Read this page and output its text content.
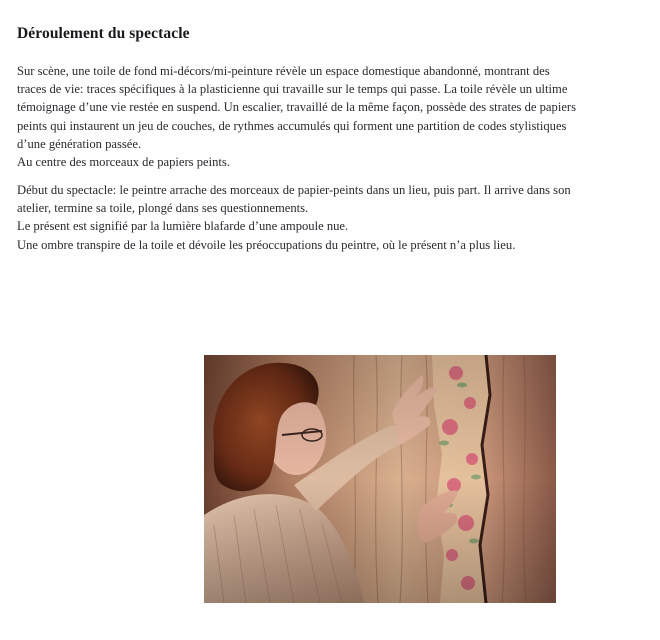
Déroulement du spectacle
Sur scène, une toile de fond mi-décors/mi-peinture révèle un espace domestique abandonné, montrant des
traces de vie: traces spécifiques à la plasticienne qui travaille sur le temps qui passe. La toile révèle un ultime
témoignage d’une vie restée en suspend. Un escalier, travaillé de la même façon, possède des strates de papiers
peints qui instaurent un jeu de couches, de rythmes accumulés qui forment une partition de codes stylistiques
d’une génération passée.
Au centre des morceaux de papiers peints.
Début du spectacle: le peintre arrache des morceaux de papier-peints dans un lieu, puis part. Il arrive dans son
atelier, termine sa toile, plongé dans ses questionnements.
Le présent est signifié par la lumière blafarde d’une ampoule nue.
Une ombre transpire de la toile et dévoile les préoccupations du peintre, où le présent n’a plus lieu.
